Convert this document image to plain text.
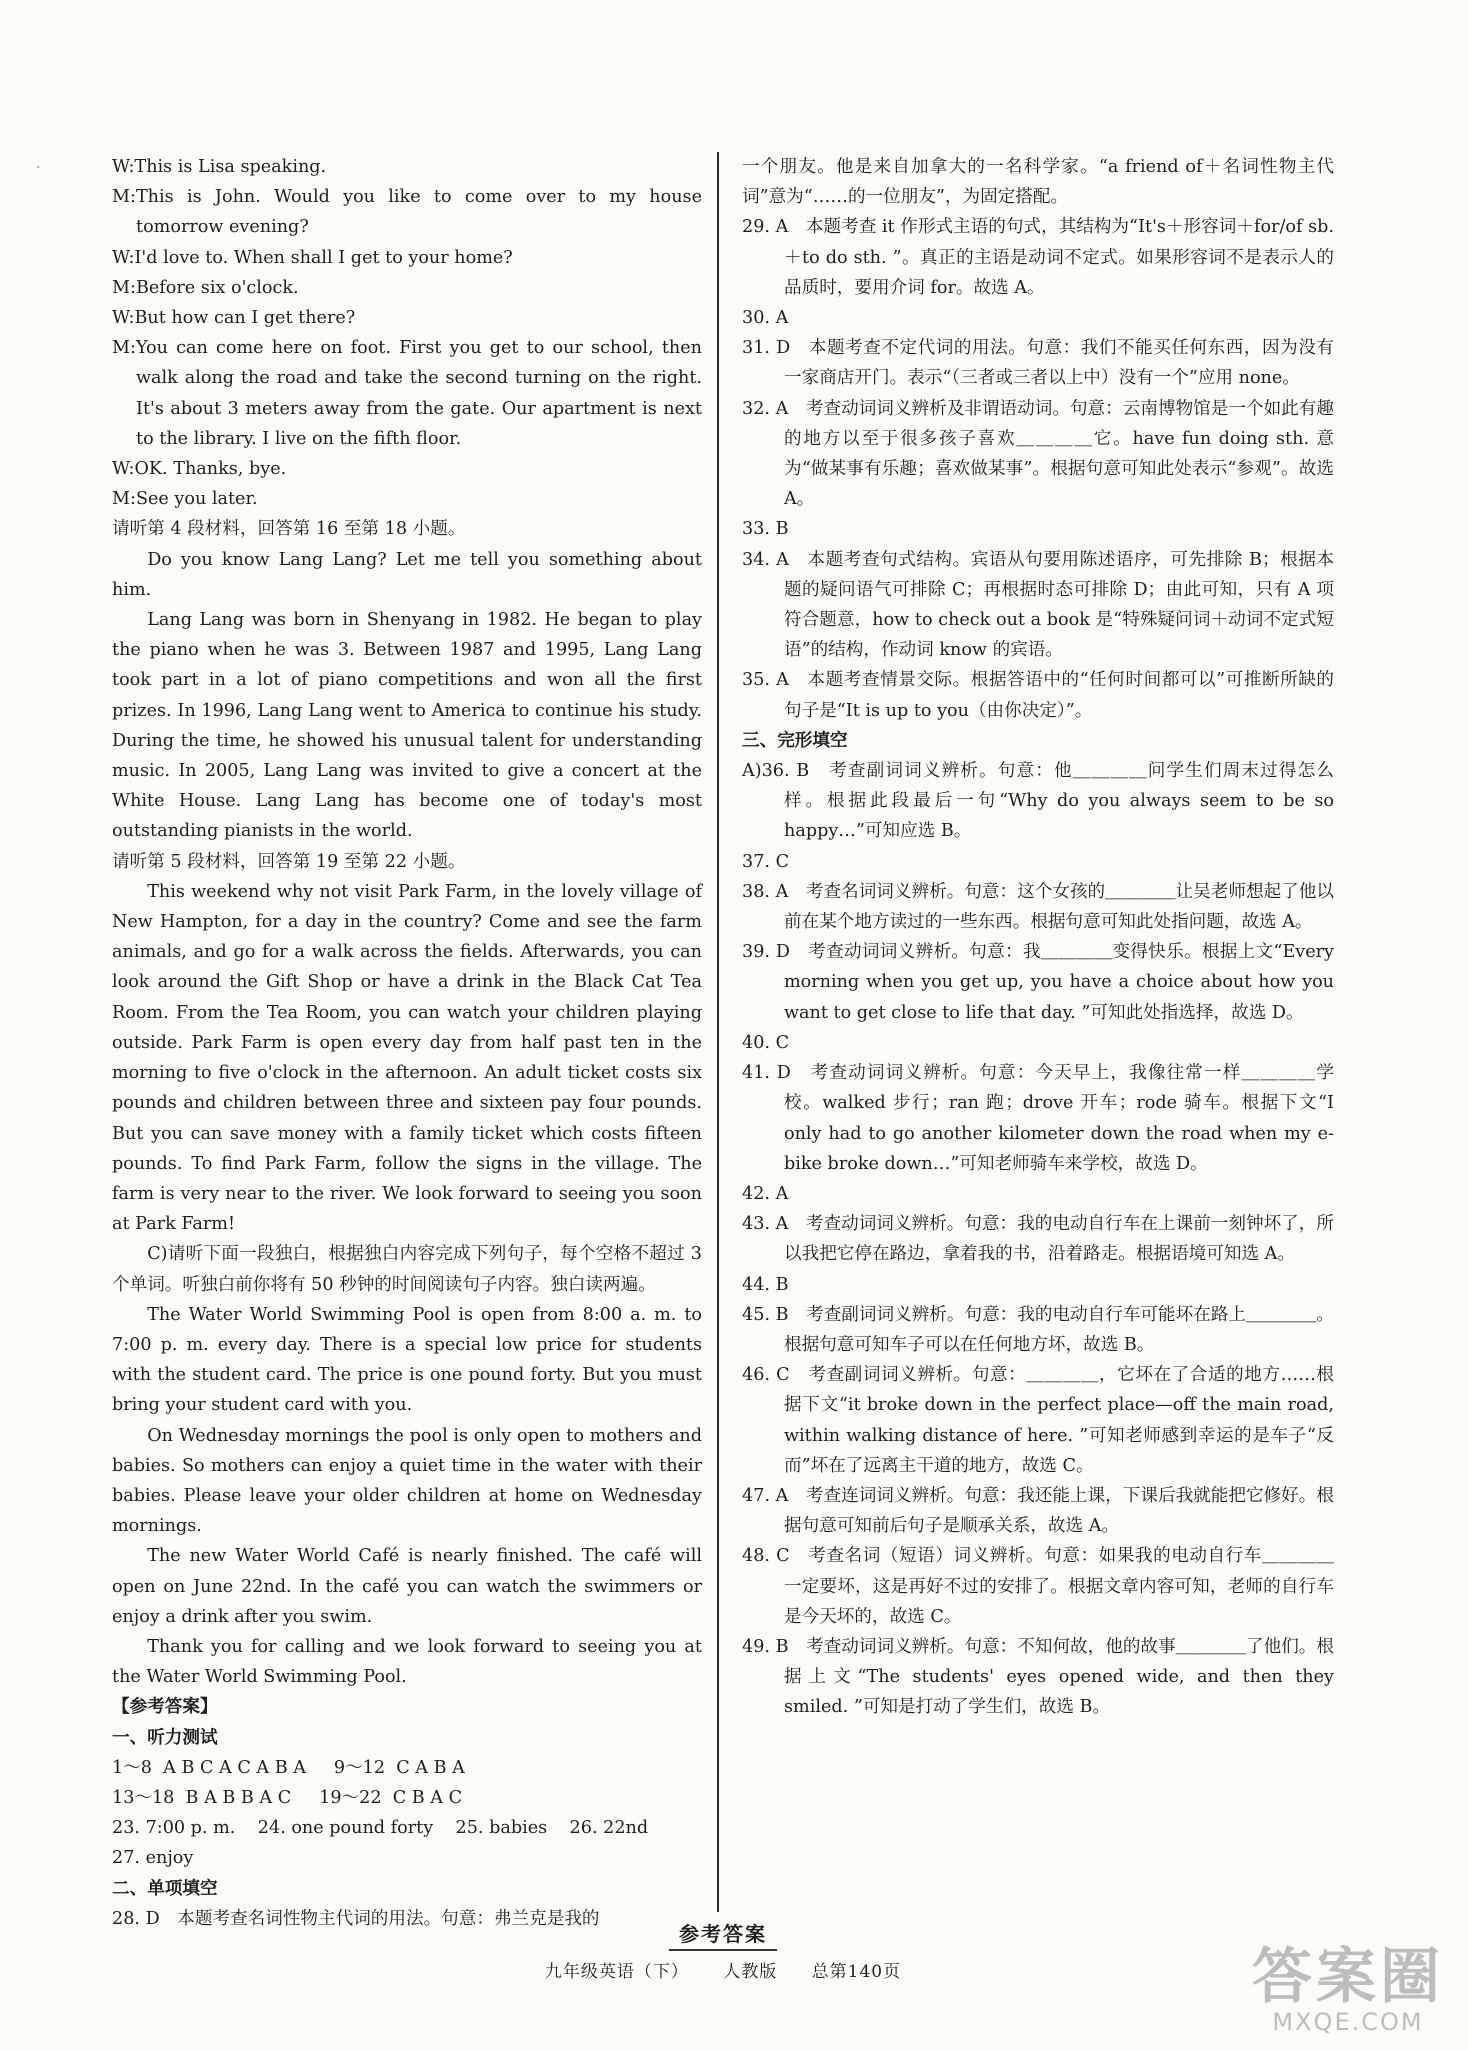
·	W:This is Lisa speaking.

M:This is John. Would you like to come over to my house tomorrow evening?

W:I'd love to. When shall I get to your home?

M:Before six o'clock.

W:But how can I get there?

M:You can come here on foot. First you get to our school, then walk along the road and take the second turning on the right. It's about 3 meters away from the gate. Our apartment is next to the library. I live on the fifth floor.

W:OK. Thanks, bye.

M:See you later.

请听第 4 段材料，回答第 16 至第 18 小题。

Do you know Lang Lang? Let me tell you something about him.

Lang Lang was born in Shenyang in 1982. He began to play the piano when he was 3. Between 1987 and 1995, Lang Lang took part in a lot of piano competitions and won all the first prizes. In 1996, Lang Lang went to America to continue his study. During the time, he showed his unusual talent for understanding music. In 2005, Lang Lang was invited to give a concert at the White House. Lang Lang has become one of today's most outstanding pianists in the world.

请听第 5 段材料，回答第 19 至第 22 小题。

This weekend why not visit Park Farm, in the lovely village of New Hampton, for a day in the country? Come and see the farm animals, and go for a walk across the fields. Afterwards, you can look around the Gift Shop or have a drink in the Black Cat Tea Room. From the Tea Room, you can watch your children playing outside. Park Farm is open every day from half past ten in the morning to five o'clock in the afternoon. An adult ticket costs six pounds and children between three and sixteen pay four pounds. But you can save money with a family ticket which costs fifteen pounds. To find Park Farm, follow the signs in the village. The farm is very near to the river. We look forward to seeing you soon at Park Farm!

C)请听下面一段独白，根据独白内容完成下列句子，每个空格不超过 3 个单词。听独白前你将有 50 秒钟的时间阅读句子内容。独白读两遍。

The Water World Swimming Pool is open from 8:00 a. m. to 7:00 p. m. every day. There is a special low price for students with the student card. The price is one pound forty. But you must bring your student card with you.

On Wednesday mornings the pool is only open to mothers and babies. So mothers can enjoy a quiet time in the water with their babies. Please leave your older children at home on Wednesday mornings.

The new Water World Café is nearly finished. The café will open on June 22nd. In the café you can watch the swimmers or enjoy a drink after you swim.

Thank you for calling and we look forward to seeing you at the Water World Swimming Pool.

【参考答案】

一、听力测试

1～8  A B C A C A B A     9～12  C A B A

13～18  B A B B A C     19～22  C B A C

23. 7:00 p. m.    24. one pound forty    25. babies    26. 22nd

27. enjoy

二、单项填空

28. D　本题考查名词性物主代词的用法。句意：弗兰克是我的

一个朋友。他是来自加拿大的一名科学家。“a friend of＋名词性物主代词”意为“……的一位朋友”，为固定搭配。

29. A　本题考查 it 作形式主语的句式，其结构为“It's＋形容词＋for/of sb. ＋to do sth. ”。真正的主语是动词不定式。如果形容词不是表示人的品质时，要用介词 for。故选 A。

30. A

31. D　本题考查不定代词的用法。句意：我们不能买任何东西，因为没有一家商店开门。表示“（三者或三者以上中）没有一个”应用 none。

32. A　考查动词词义辨析及非谓语动词。句意：云南博物馆是一个如此有趣的地方以至于很多孩子喜欢＿＿＿＿它。have fun doing sth. 意为“做某事有乐趣；喜欢做某事”。根据句意可知此处表示“参观”。故选 A。

33. B

34. A　本题考查句式结构。宾语从句要用陈述语序，可先排除 B；根据本题的疑问语气可排除 C；再根据时态可排除 D；由此可知，只有 A 项符合题意，how to check out a book 是“特殊疑问词＋动词不定式短语”的结构，作动词 know 的宾语。

35. A　本题考查情景交际。根据答语中的“任何时间都可以”可推断所缺的句子是“It is up to you（由你决定）”。

三、完形填空

A)36. B　考查副词词义辨析。句意：他＿＿＿＿问学生们周末过得怎么样。根据此段最后一句“Why do you always seem to be so happy…”可知应选 B。

37. C

38. A　考查名词词义辨析。句意：这个女孩的＿＿＿＿让吴老师想起了他以前在某个地方读过的一些东西。根据句意可知此处指问题，故选 A。

39. D　考查动词词义辨析。句意：我＿＿＿＿变得快乐。根据上文“Every morning when you get up, you have a choice about how you want to get close to life that day. ”可知此处指选择，故选 D。

40. C

41. D　考查动词词义辨析。句意：今天早上，我像往常一样＿＿＿＿学校。walked 步行；ran 跑；drove 开车；rode 骑车。根据下文“I only had to go another kilometer down the road when my e-bike broke down…”可知老师骑车来学校，故选 D。

42. A

43. A　考查动词词义辨析。句意：我的电动自行车在上课前一刻钟坏了，所以我把它停在路边，拿着我的书，沿着路走。根据语境可知选 A。

44. B

45. B　考查副词词义辨析。句意：我的电动自行车可能坏在路上＿＿＿＿。根据句意可知车子可以在任何地方坏，故选 B。

46. C　考查副词词义辨析。句意：＿＿＿＿，它坏在了合适的地方……根据下文“it broke down in the perfect place—off the main road, within walking distance of here. ”可知老师感到幸运的是车子“反而”坏在了远离主干道的地方，故选 C。

47. A　考查连词词义辨析。句意：我还能上课，下课后我就能把它修好。根据句意可知前后句子是顺承关系，故选 A。

48. C　考查名词（短语）词义辨析。句意：如果我的电动自行车＿＿＿＿一定要坏，这是再好不过的安排了。根据文章内容可知，老师的自行车是今天坏的，故选 C。

49. B　考查动词词义辨析。句意：不知何故，他的故事＿＿＿＿了他们。根据上文“The students' eyes opened wide, and then they smiled. ”可知是打动了学生们，故选 B。

参考答案
九年级英语（下） 人教版 总第140页	答案圈
MXQE.COM
